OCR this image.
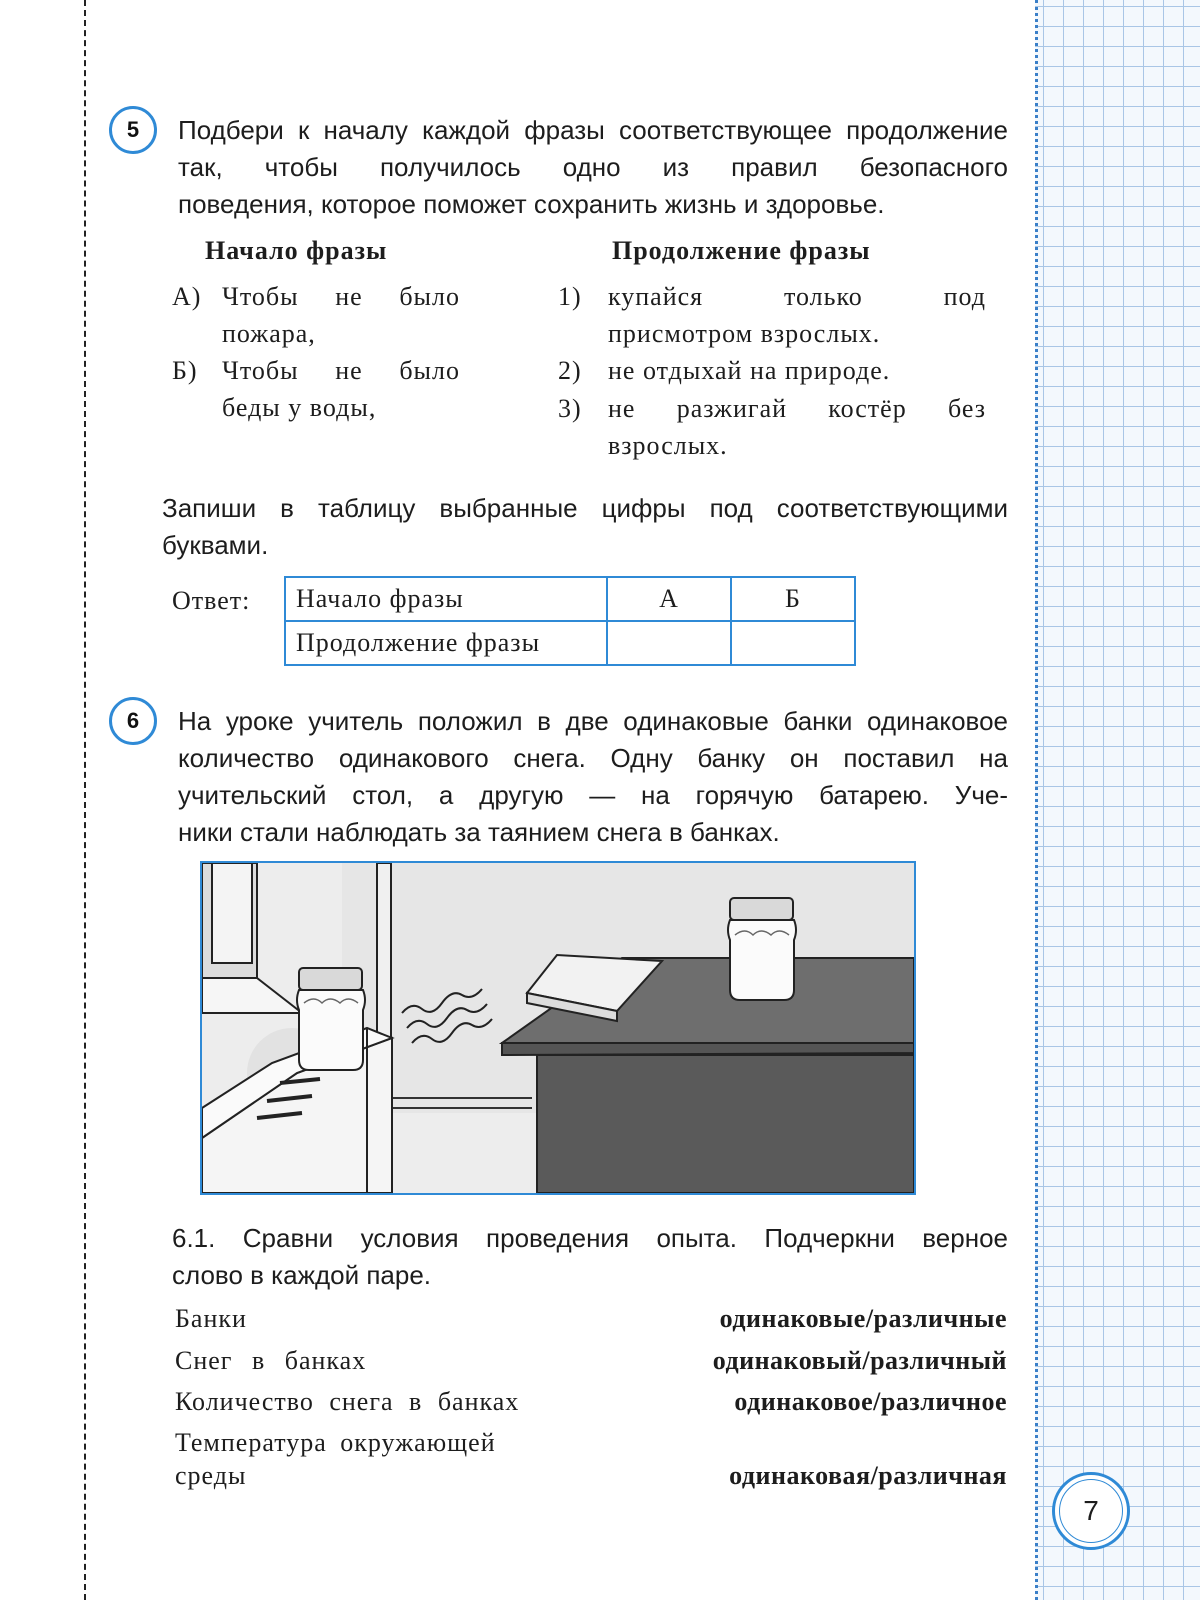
5	Подбери к началу каждой фразы соответствующее продолжение так, чтобы получилось одно из правил безопасного
поведения, которое поможет сохранить жизнь и здоровье.
Начало фразы	Продолжение фразы
А) Чтобы не было пожара,
Б) Чтобы не было беды у воды,
1) купайся только под присмотром взрослых.
2) не отдыхай на природе.
3) не разжигай костёр без взрослых.
Запиши в таблицу выбранные цифры под соответствующими
буквами.
Ответ: Начало фразы	А	Б
Продолжение фразы		
6	На уроке учитель положил в две одинаковые банки одинаковое количество одинакового снега. Одну банку он поставил на учительский стол, а другую — на горячую батарею. Уче-
ники стали наблюдать за таянием снега в банках.
6.1. Сравни условия проведения опыта. Подчеркни верное
слово в каждой паре.
Банки	одинаковые/различные
Снег в банках	одинаковый/различный
Количество снега в банках	одинаковое/различное
Температура окружающей среды	одинаковая/различная
7
